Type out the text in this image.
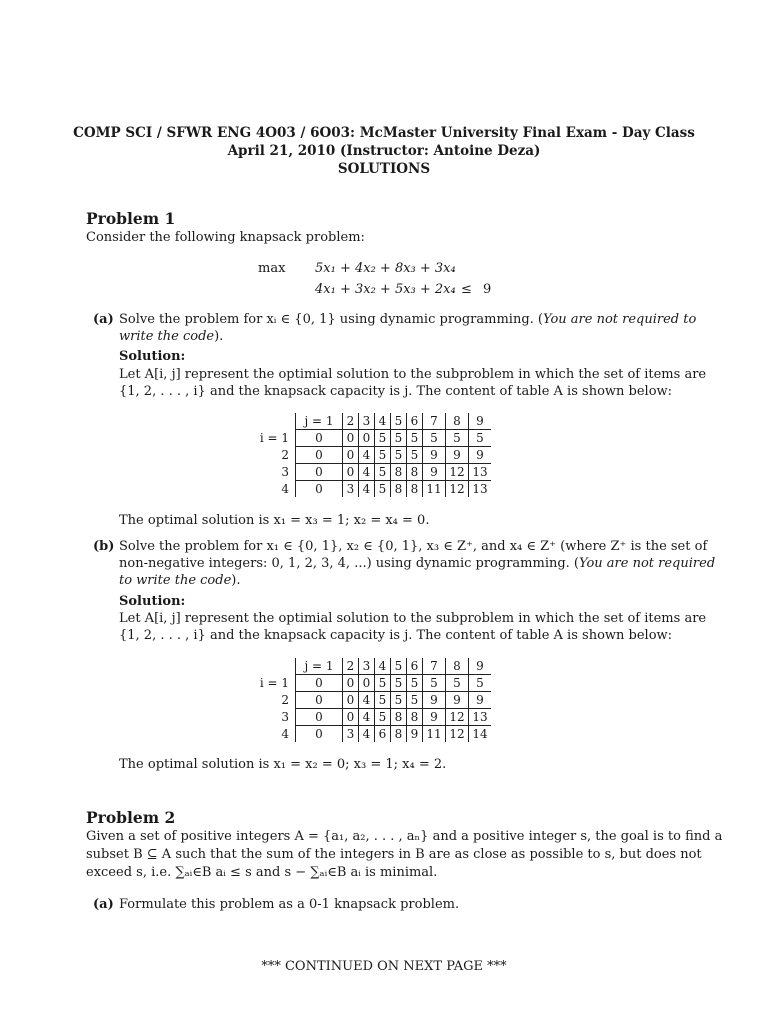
COMP SCI / SFWR ENG 4O03 / 6O03: McMaster University Final Exam - Day Class
April 21, 2010 (Instructor: Antoine Deza)
SOLUTIONS
Problem 1
Consider the following knapsack problem:
max 5x₁ + 4x₂ + 8x₃ + 3x₄
4x₁ + 3x₂ + 5x₃ + 2x₄ ≤ 9
(a) Solve the problem for xᵢ ∈ {0, 1} using dynamic programming. (You are not required to
write the code).
Solution:
Let A[i, j] represent the optimial solution to the subproblem in which the set of items are
{1, 2, . . . , i} and the knapsack capacity is j. The content of table A is shown below:
	j = 1	2	3	4	5	6	7	8	9
i = 1	0	0	0	5	5	5	5	5	5
2	0	0	4	5	5	5	9	9	9
3	0	0	4	5	8	8	9	12	13
4	0	3	4	5	8	8	11	12	13
The optimal solution is x₁ = x₃ = 1; x₂ = x₄ = 0.
(b) Solve the problem for x₁ ∈ {0, 1}, x₂ ∈ {0, 1}, x₃ ∈ Z⁺, and x₄ ∈ Z⁺ (where Z⁺ is the set of
non-negative integers: 0, 1, 2, 3, 4, ...) using dynamic programming. (You are not required
to write the code).
Solution:
Let A[i, j] represent the optimial solution to the subproblem in which the set of items are
{1, 2, . . . , i} and the knapsack capacity is j. The content of table A is shown below:
	j = 1	2	3	4	5	6	7	8	9
i = 1	0	0	0	5	5	5	5	5	5
2	0	0	4	5	5	5	9	9	9
3	0	0	4	5	8	8	9	12	13
4	0	3	4	6	8	9	11	12	14
The optimal solution is x₁ = x₂ = 0; x₃ = 1; x₄ = 2.
Problem 2
Given a set of positive integers A = {a₁, a₂, . . . , aₙ} and a positive integer s, the goal is to find a
subset B ⊆ A such that the sum of the integers in B are as close as possible to s, but does not
exceed s, i.e. ∑ₐᵢ∈B aᵢ ≤ s and s − ∑ₐᵢ∈B aᵢ is minimal.
(a) Formulate this problem as a 0-1 knapsack problem.
*** CONTINUED ON NEXT PAGE ***
